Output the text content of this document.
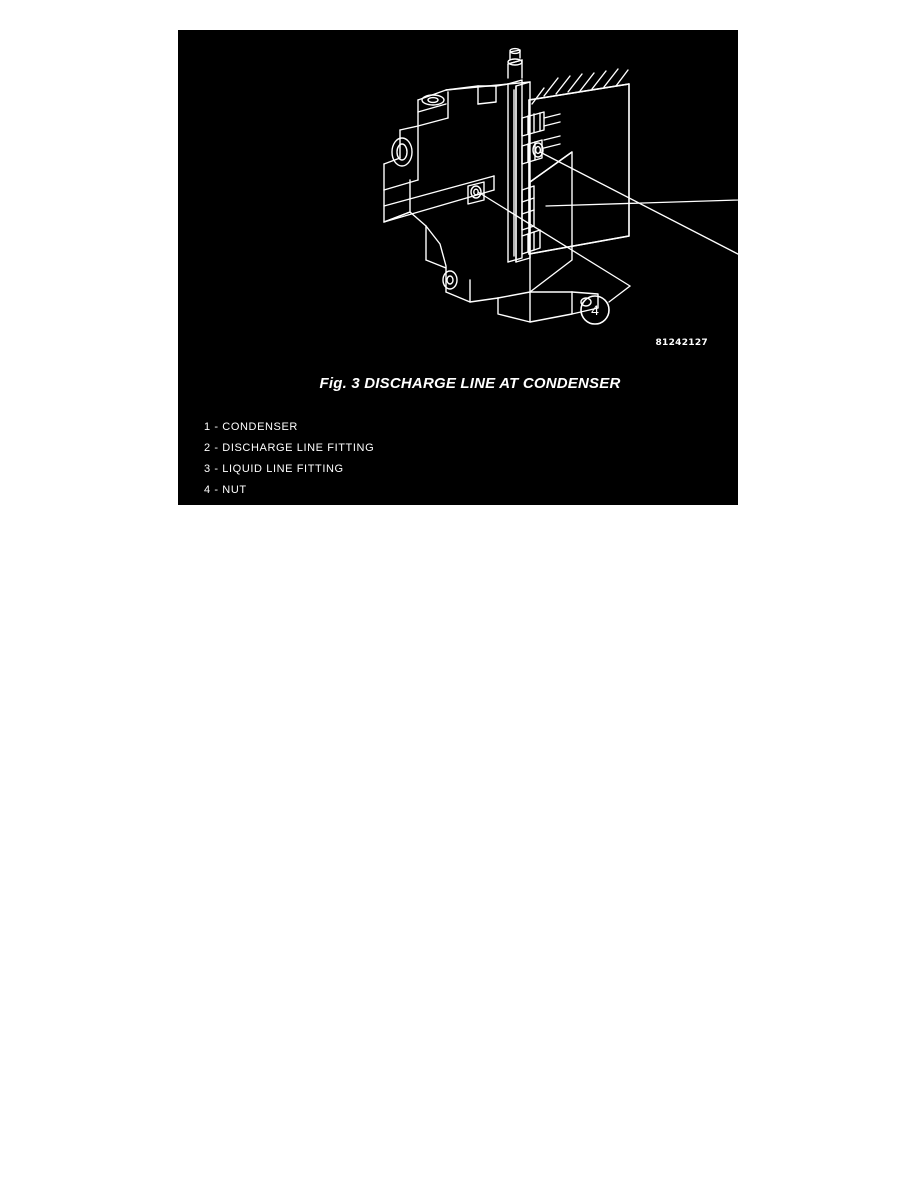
1
2
3
4
81242127
Fig. 3 DISCHARGE LINE AT CONDENSER
1 - CONDENSER
2 - DISCHARGE LINE FITTING
3 - LIQUID LINE FITTING
4 - NUT
